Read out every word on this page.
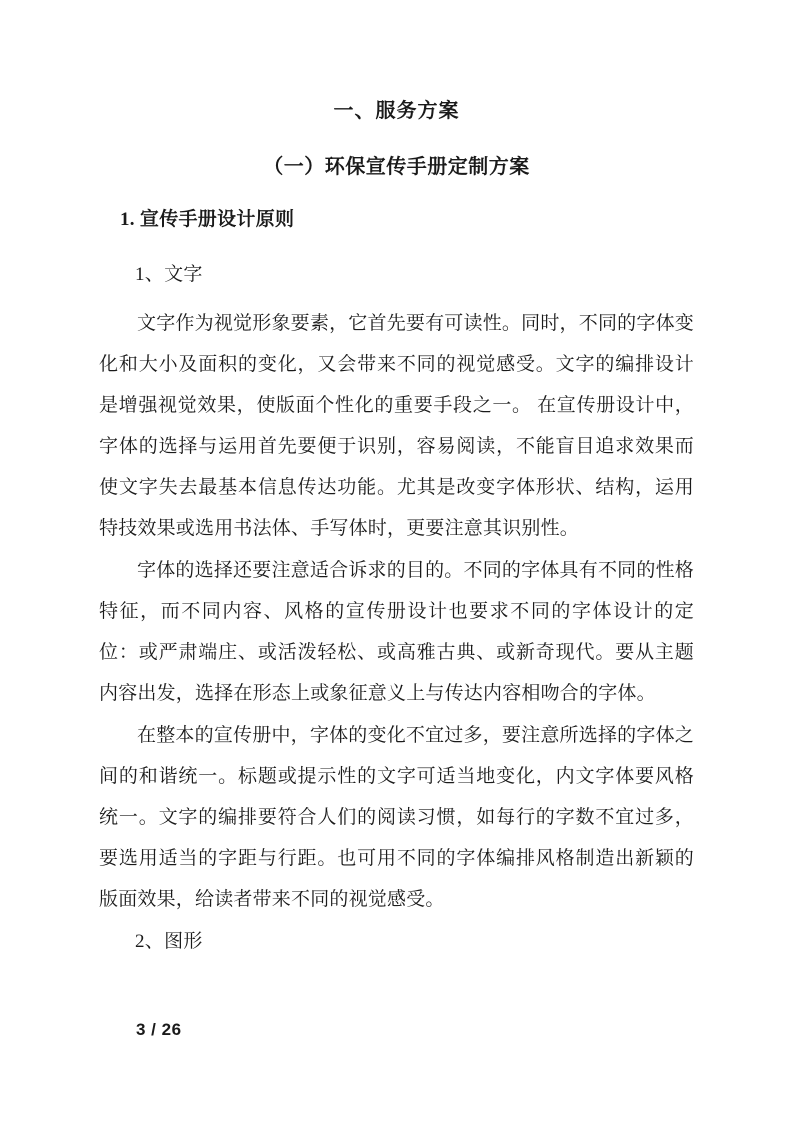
一、服务方案
（一）环保宣传手册定制方案
1. 宣传手册设计原则

1、文字

文字作为视觉形象要素，它首先要有可读性。同时，不同的字体变化和大小及面积的变化，又会带来不同的视觉感受。文字的编排设计是增强视觉效果，使版面个性化的重要手段之一。 在宣传册设计中，字体的选择与运用首先要便于识别，容易阅读，不能盲目追求效果而使文字失去最基本信息传达功能。尤其是改变字体形状、结构，运用特技效果或选用书法体、手写体时，更要注意其识别性。

字体的选择还要注意适合诉求的目的。不同的字体具有不同的性格特征，而不同内容、风格的宣传册设计也要求不同的字体设计的定位：或严肃端庄、或活泼轻松、或高雅古典、或新奇现代。要从主题内容出发，选择在形态上或象征意义上与传达内容相吻合的字体。

在整本的宣传册中，字体的变化不宜过多，要注意所选择的字体之间的和谐统一。标题或提示性的文字可适当地变化，内文字体要风格统一。文字的编排要符合人们的阅读习惯，如每行的字数不宜过多，要选用适当的字距与行距。也可用不同的字体编排风格制造出新颖的版面效果，给读者带来不同的视觉感受。

2、图形

3 / 26
